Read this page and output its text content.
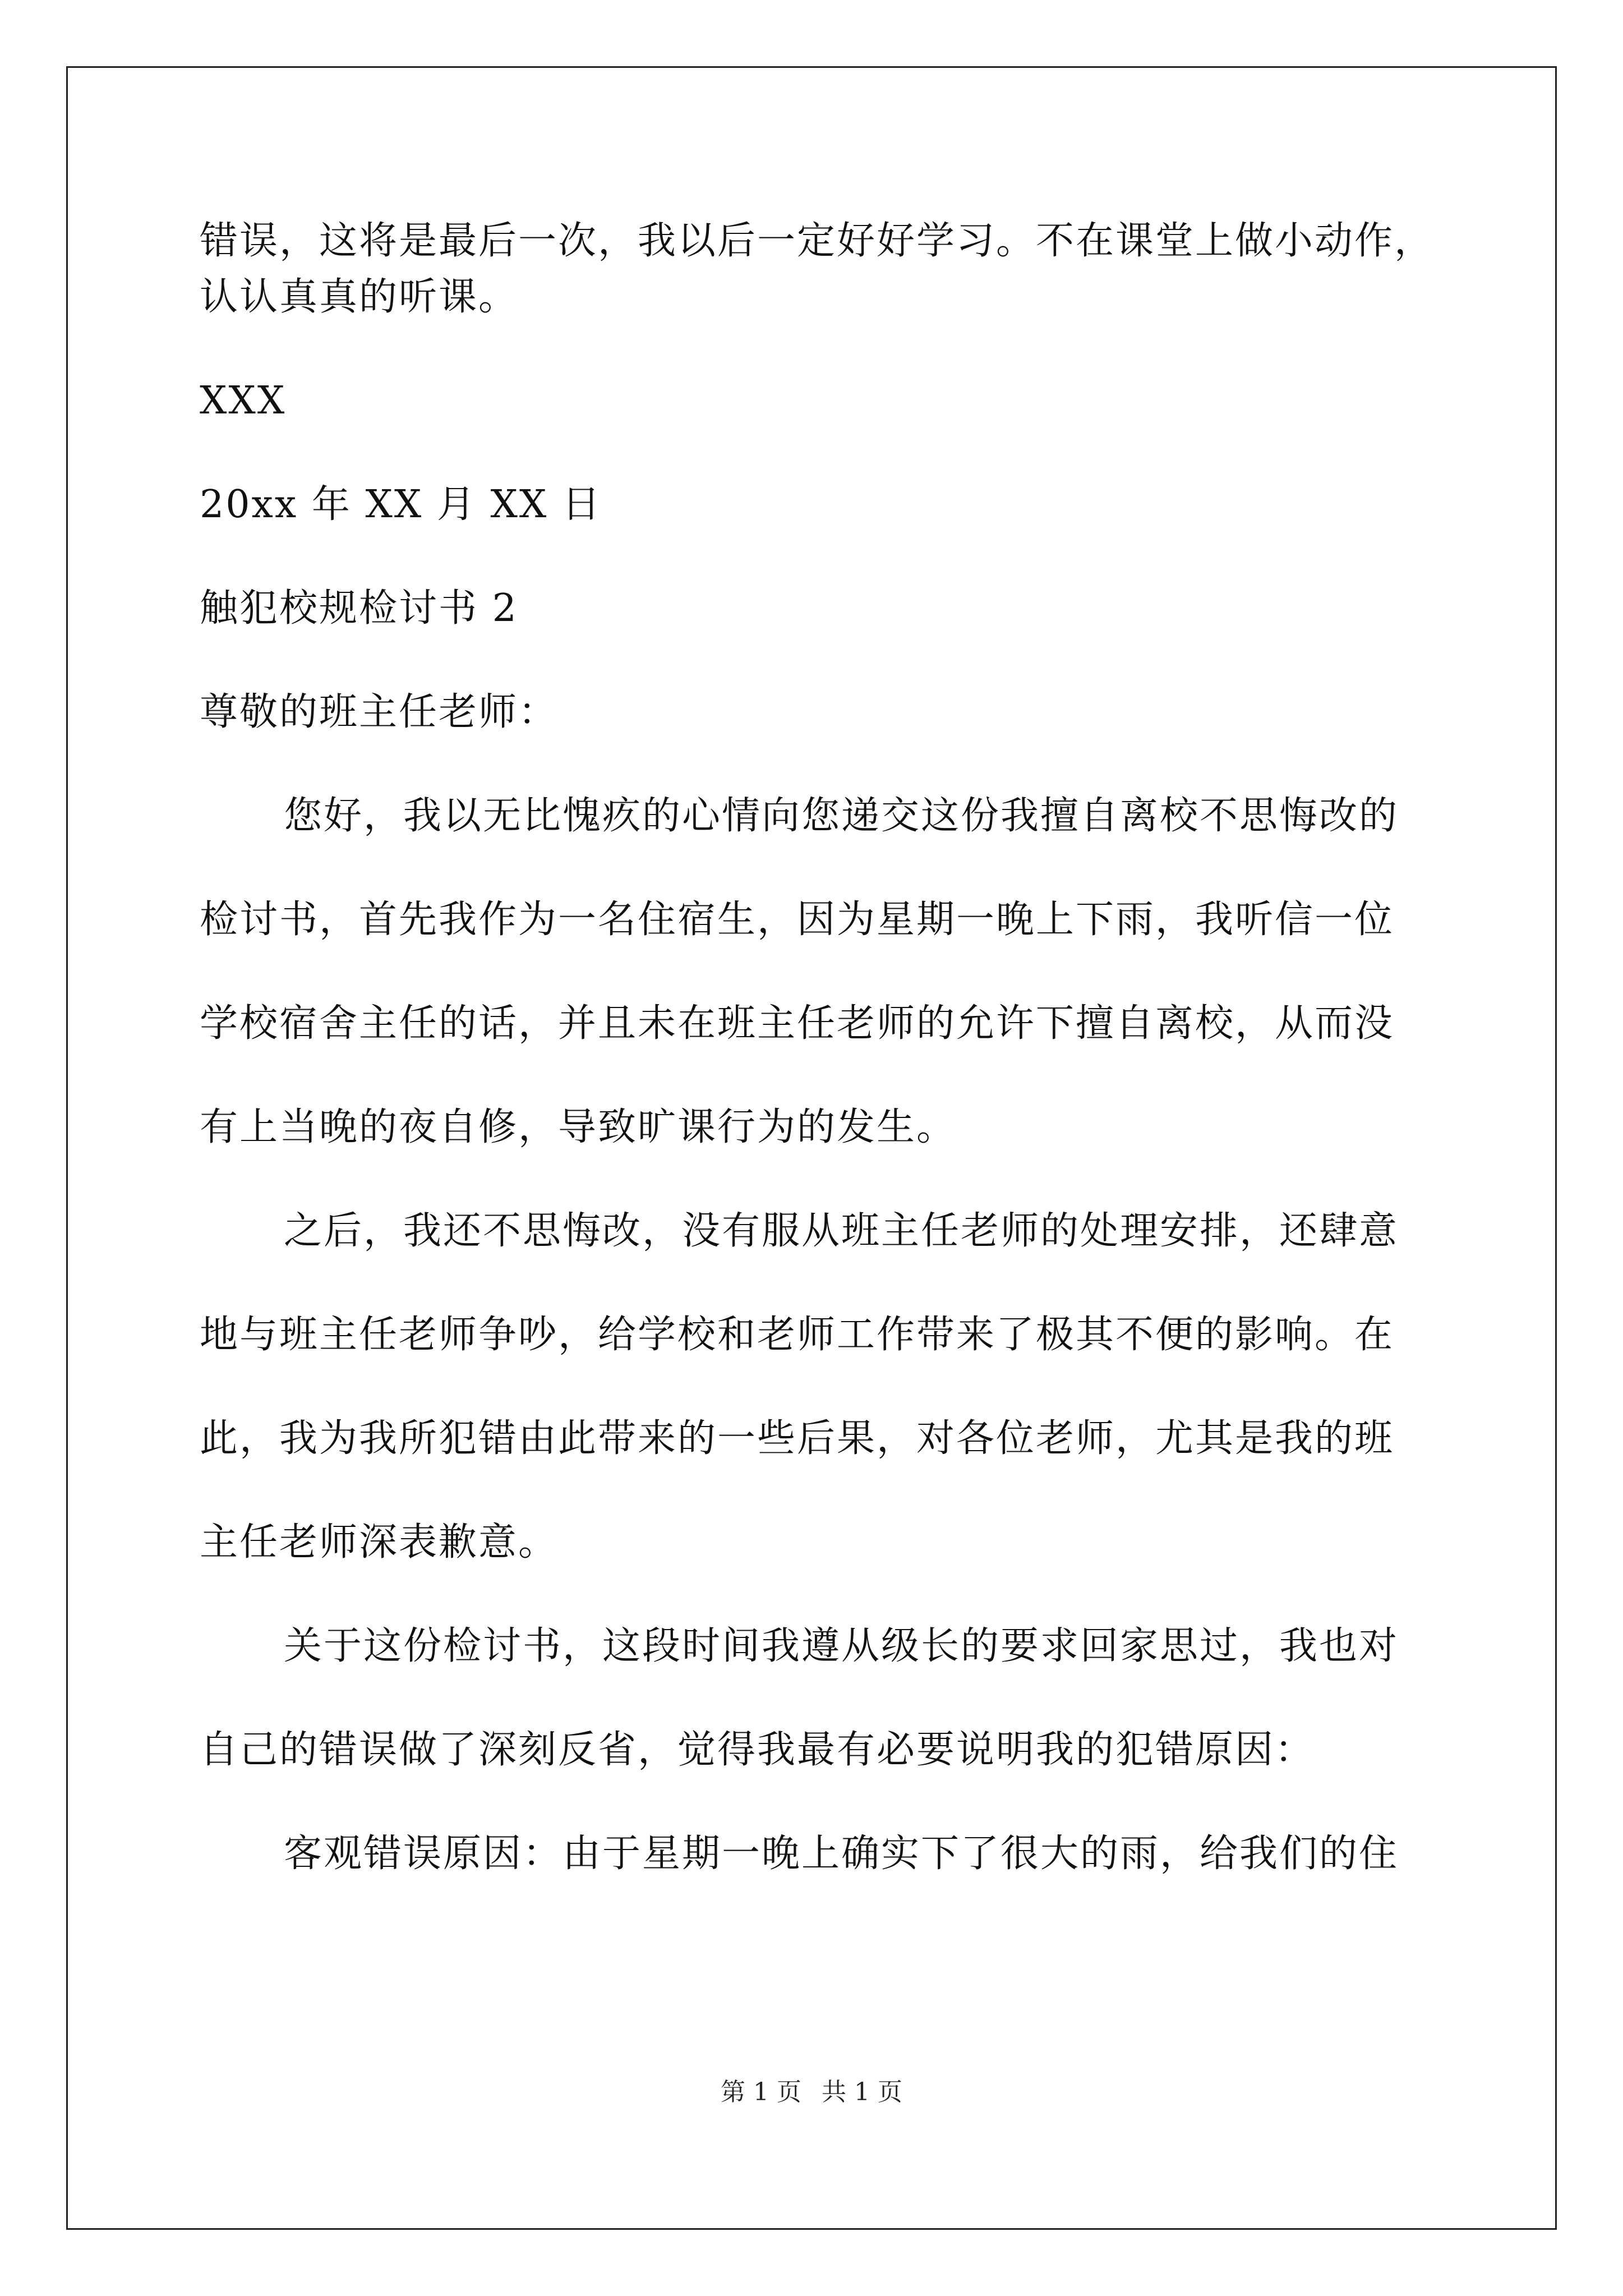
错误，这将是最后一次，我以后一定好好学习。不在课堂上做小动作，

认认真真的听课。

XXX

20xx 年 XX 月 XX 日

触犯校规检讨书 2

尊敬的班主任老师：

您好，我以无比愧疚的心情向您递交这份我擅自离校不思悔改的

检讨书，首先我作为一名住宿生，因为星期一晚上下雨，我听信一位

学校宿舍主任的话，并且未在班主任老师的允许下擅自离校，从而没

有上当晚的夜自修，导致旷课行为的发生。

之后，我还不思悔改，没有服从班主任老师的处理安排，还肆意

地与班主任老师争吵，给学校和老师工作带来了极其不便的影响。在

此，我为我所犯错由此带来的一些后果，对各位老师，尤其是我的班

主任老师深表歉意。

关于这份检讨书，这段时间我遵从级长的要求回家思过，我也对

自己的错误做了深刻反省，觉得我最有必要说明我的犯错原因：

客观错误原因：由于星期一晚上确实下了很大的雨，给我们的住

第 1 页 共 1 页
